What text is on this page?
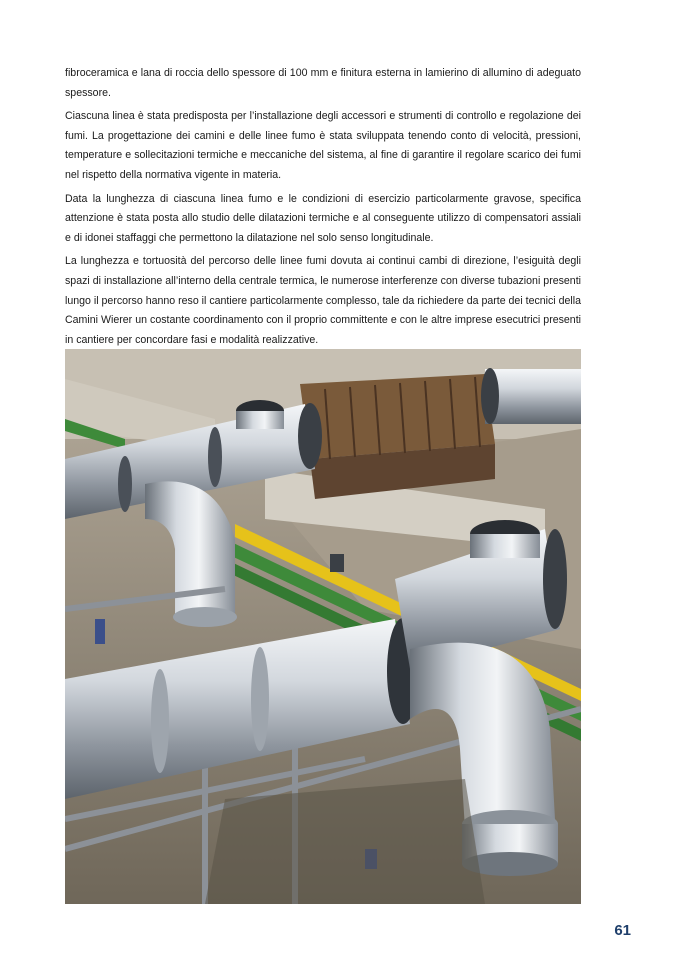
fibroceramica e lana di roccia dello spessore di 100 mm e finitura esterna in lamierino di allumino di adeguato spessore.

Ciascuna linea è stata predisposta per l’installazione degli accessori e strumenti di controllo e regolazione dei fumi. La progettazione dei camini e delle linee fumo è stata sviluppata tenendo conto di velocità, pressioni, temperature e sollecitazioni termiche e meccaniche del sistema, al fine di garantire il regolare scarico dei fumi nel rispetto della normativa vigente in materia.

Data la lunghezza di ciascuna linea fumo e le condizioni di esercizio particolarmente gravose, specifica attenzione è stata posta allo studio delle dilatazioni termiche e al conseguente utilizzo di compensatori assiali e di idonei staffaggi che permettono la dilatazione nel solo senso longitudinale.

La lunghezza e tortuosità del percorso delle linee fumi dovuta ai continui cambi di direzione, l’esiguità degli spazi di installazione all’interno della centrale termica, le numerose interferenze con diverse tubazioni presenti lungo il percorso hanno reso il cantiere particolarmente complesso, tale da richiedere da parte dei tecnici della Camini Wierer un costante coordinamento con il proprio committente e con le altre imprese esecutrici presenti in cantiere per concordare fasi e modalità realizzative.

61
